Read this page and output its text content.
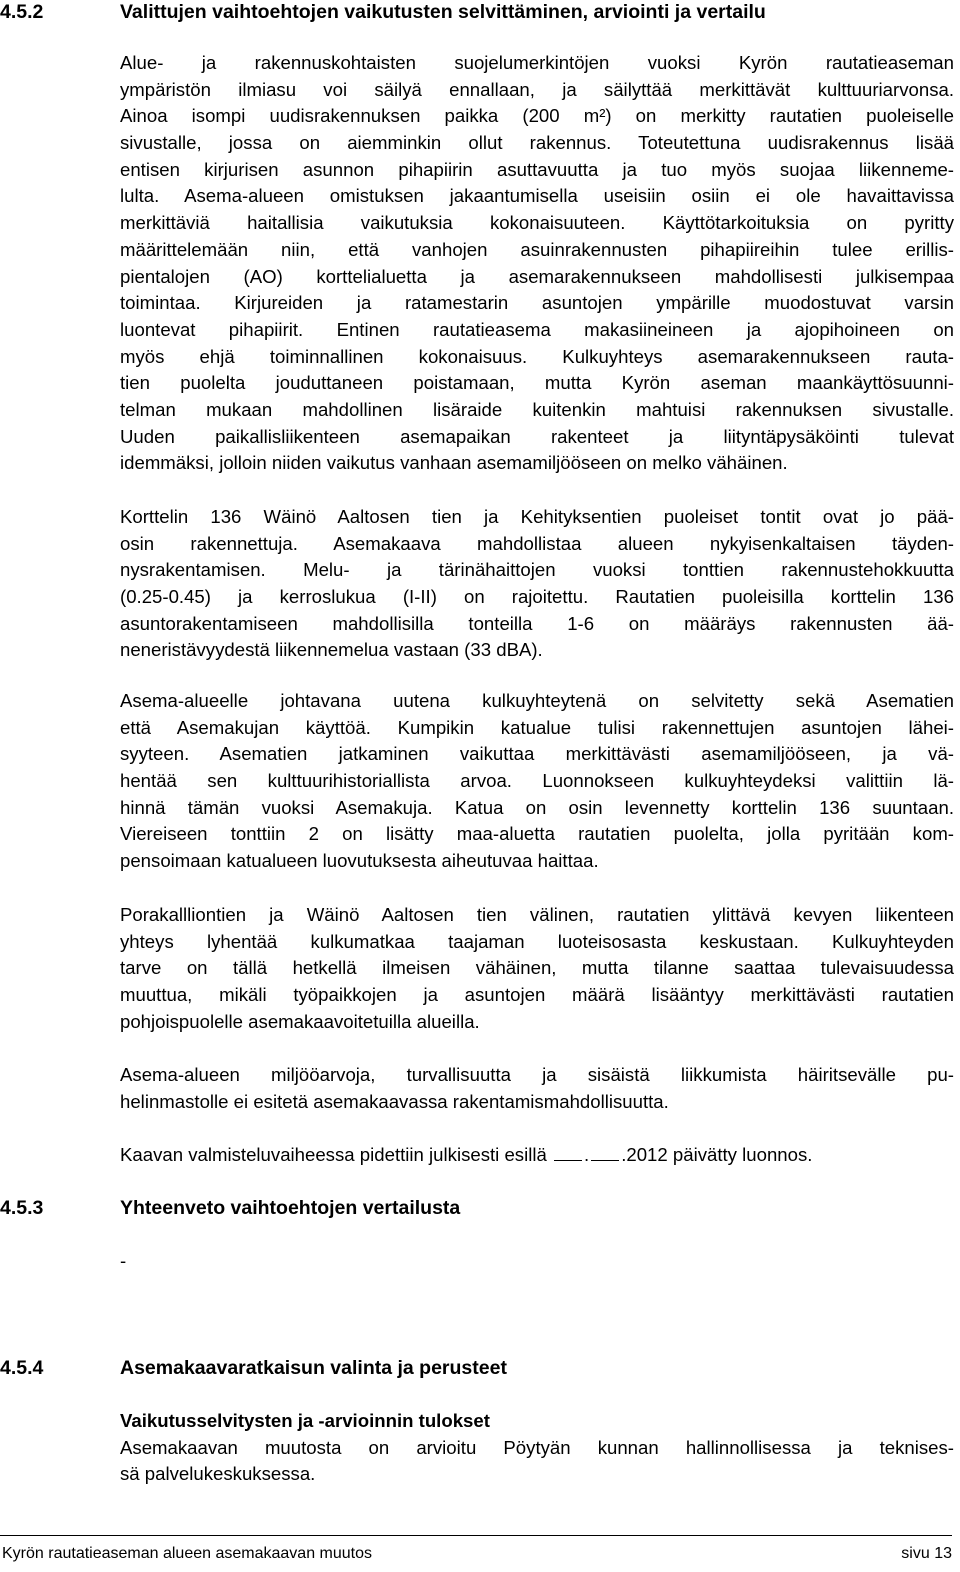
4.5.2	Valittujen vaihtoehtojen vaikutusten selvittäminen, arviointi ja vertailu
Alue- ja rakennuskohtaisten suojelumerkintöjen vuoksi Kyrön rautatieaseman
ympäristön ilmiasu voi säilyä ennallaan, ja säilyttää merkittävät kulttuuriarvonsa.
Ainoa isompi uudisrakennuksen paikka (200 m²) on merkitty rautatien puoleiselle
sivustalle, jossa on aiemminkin ollut rakennus. Toteutettuna uudisrakennus lisää
entisen kirjurisen asunnon pihapiirin asuttavuutta ja tuo myös suojaa liikenneme-
lulta. Asema-alueen omistuksen jakaantumisella useisiin osiin ei ole havaittavissa
merkittäviä haitallisia vaikutuksia kokonaisuuteen. Käyttötarkoituksia on pyritty
määrittelemään niin, että vanhojen asuinrakennusten pihapiireihin tulee erillis-
pientalojen (AO) korttelialuetta ja asemarakennukseen mahdollisesti julkisempaa
toimintaa. Kirjureiden ja ratamestarin asuntojen ympärille muodostuvat varsin
luontevat pihapiirit. Entinen rautatieasema makasiineineen ja ajopihoineen on
myös ehjä toiminnallinen kokonaisuus. Kulkuyhteys asemarakennukseen rauta-
tien puolelta jouduttaneen poistamaan, mutta Kyrön aseman maankäyttösuunni-
telman mukaan mahdollinen lisäraide kuitenkin mahtuisi rakennuksen sivustalle.
Uuden paikallisliikenteen asemapaikan rakenteet ja liityntäpysäköinti tulevat
idemmäksi, jolloin niiden vaikutus vanhaan asemamiljööseen on melko vähäinen.
Korttelin 136 Wäinö Aaltosen tien ja Kehityksentien puoleiset tontit ovat jo pää-
osin rakennettuja. Asemakaava mahdollistaa alueen nykyisenkaltaisen täyden-
nysrakentamisen. Melu- ja tärinähaittojen vuoksi tonttien rakennustehokkuutta
(0.25-0.45) ja kerroslukua (I-II) on rajoitettu. Rautatien puoleisilla korttelin 136
asuntorakentamiseen mahdollisilla tonteilla 1-6 on määräys rakennusten ää-
neneristävyydestä liikennemelua vastaan (33 dBA).
Asema-alueelle johtavana uutena kulkuyhteytenä on selvitetty sekä Asematien
että Asemakujan käyttöä. Kumpikin katualue tulisi rakennettujen asuntojen lähei-
syyteen. Asematien jatkaminen vaikuttaa merkittävästi asemamiljööseen, ja vä-
hentää sen kulttuurihistoriallista arvoa. Luonnokseen kulkuyhteydeksi valittiin lä-
hinnä tämän vuoksi Asemakuja. Katua on osin levennetty korttelin 136 suuntaan.
Viereiseen tonttiin 2 on lisätty maa-aluetta rautatien puolelta, jolla pyritään kom-
pensoimaan katualueen luovutuksesta aiheutuvaa haittaa.
Porakallliontien ja Wäinö Aaltosen tien välinen, rautatien ylittävä kevyen liikenteen
yhteys lyhentää kulkumatkaa taajaman luoteisosasta keskustaan. Kulkuyhteyden
tarve on tällä hetkellä ilmeisen vähäinen, mutta tilanne saattaa tulevaisuudessa
muuttua, mikäli työpaikkojen ja asuntojen määrä lisääntyy merkittävästi rautatien
pohjoispuolelle asemakaavoitetuilla alueilla.
Asema-alueen miljööarvoja, turvallisuutta ja sisäistä liikkumista häiritsevälle pu-
helinmastolle ei esitetä asemakaavassa rakentamismahdollisuutta.
Kaavan valmisteluvaiheessa pidettiin julkisesti esillä . .2012 päivätty luonnos.
4.5.3	Yhteenveto vaihtoehtojen vertailusta
-
4.5.4	Asemakaavaratkaisun valinta ja perusteet
Vaikutusselvitysten ja -arvioinnin tulokset
Asemakaavan muutosta on arvioitu Pöytyän kunnan hallinnollisessa ja teknises-
sä palvelukeskuksessa.
Kyrön rautatieaseman alueen asemakaavan muutos	sivu 13
